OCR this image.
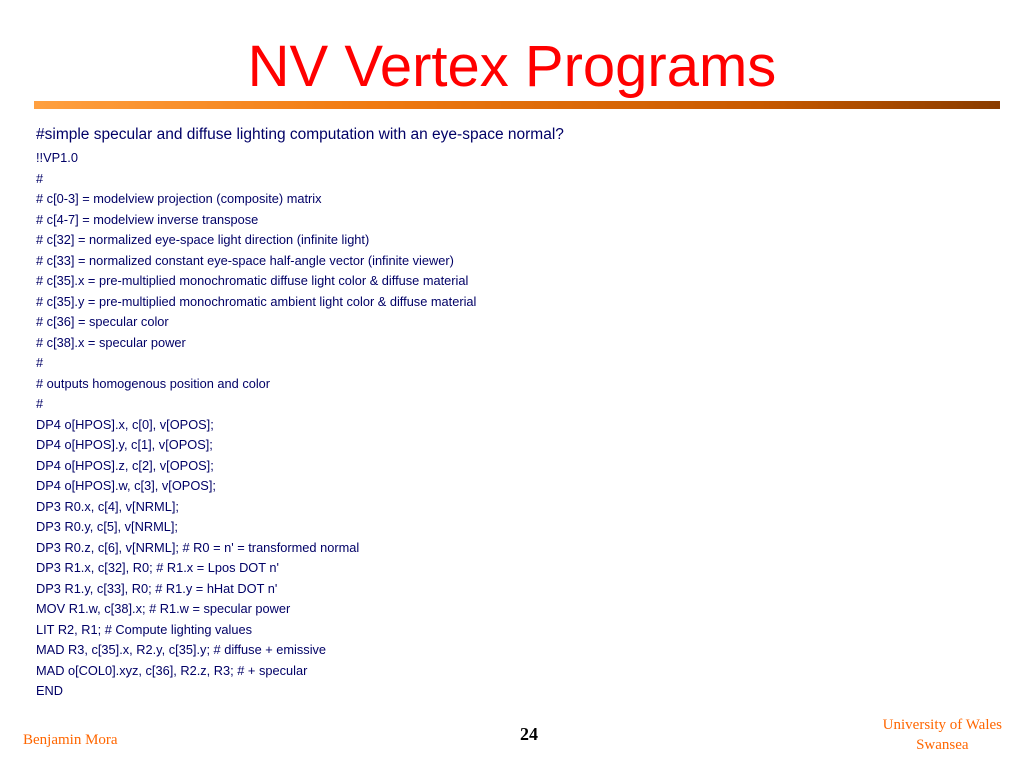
NV Vertex Programs
#simple specular and diffuse lighting computation with an eye-space normal?
!!VP1.0
#
# c[0-3] = modelview projection (composite) matrix
# c[4-7] = modelview inverse transpose
# c[32] = normalized eye-space light direction (infinite light)
# c[33] = normalized constant eye-space half-angle vector (infinite viewer)
# c[35].x = pre-multiplied monochromatic diffuse light color & diffuse material
# c[35].y = pre-multiplied monochromatic ambient light color & diffuse material
# c[36] = specular color
# c[38].x = specular power
#
# outputs homogenous position and color
#
DP4 o[HPOS].x, c[0], v[OPOS];
DP4 o[HPOS].y, c[1], v[OPOS];
DP4 o[HPOS].z, c[2], v[OPOS];
DP4 o[HPOS].w, c[3], v[OPOS];
DP3 R0.x, c[4], v[NRML];
DP3 R0.y, c[5], v[NRML];
DP3 R0.z, c[6], v[NRML]; # R0 = n' = transformed normal
DP3 R1.x, c[32], R0; # R1.x = Lpos DOT n'
DP3 R1.y, c[33], R0; # R1.y = hHat DOT n'
MOV R1.w, c[38].x; # R1.w = specular power
LIT R2, R1; # Compute lighting values
MAD R3, c[35].x, R2.y, c[35].y; # diffuse + emissive
MAD o[COL0].xyz, c[36], R2.z, R3; # + specular
END
Benjamin Mora	24	University of Wales
Swansea
